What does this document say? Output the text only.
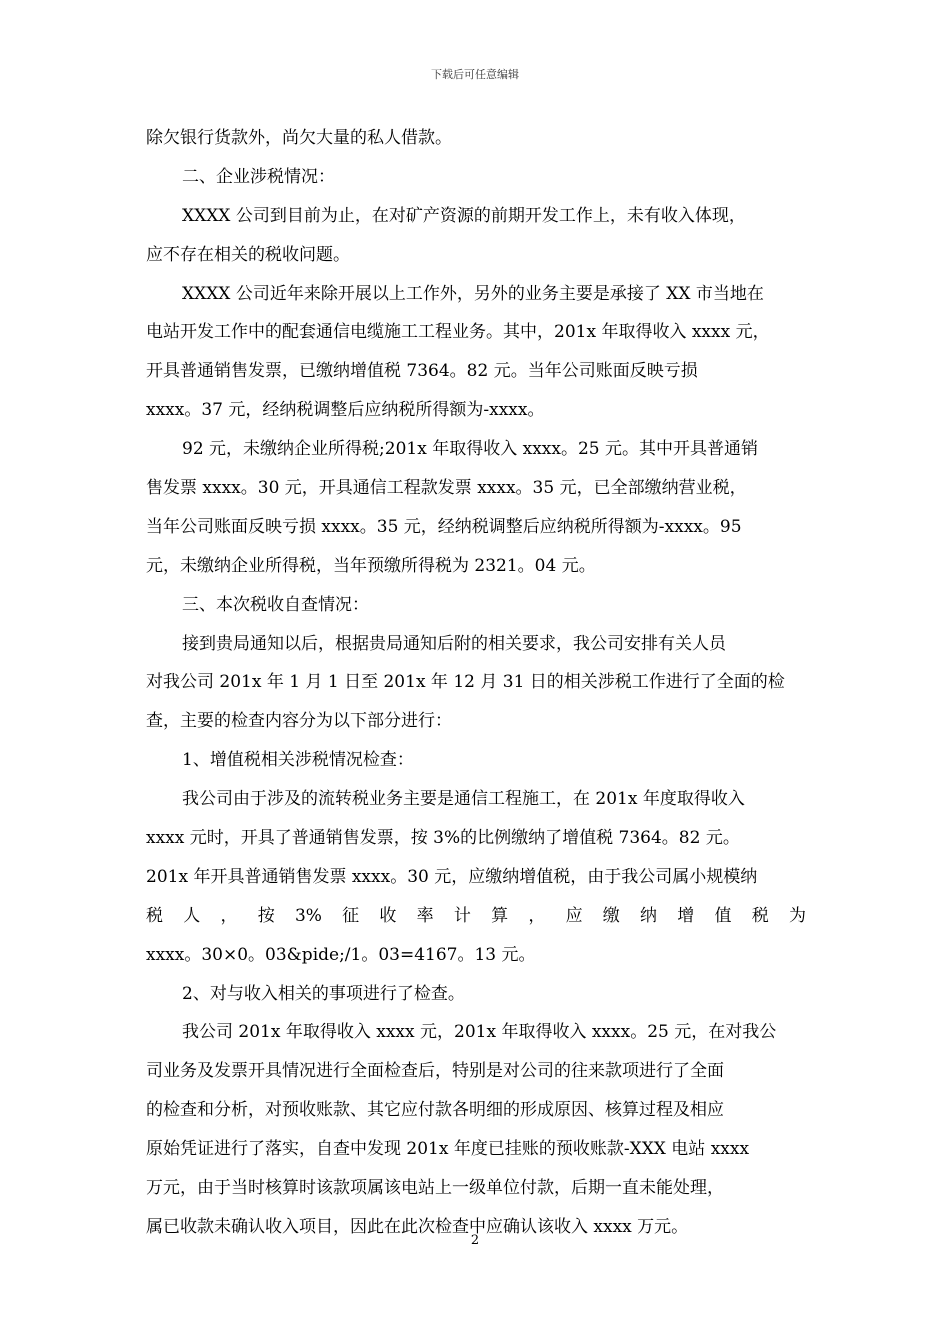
下载后可任意编辑

除欠银行货款外，尚欠大量的私人借款。

二、企业涉税情况：

XXXX 公司到目前为止，在对矿产资源的前期开发工作上，未有收入体现，

应不存在相关的税收问题。

XXXX 公司近年来除开展以上工作外，另外的业务主要是承接了 XX 市当地在

电站开发工作中的配套通信电缆施工工程业务。其中，201x 年取得收入 xxxx 元，

开具普通销售发票，已缴纳增值税 7364。82 元。当年公司账面反映亏损

xxxx。37 元，经纳税调整后应纳税所得额为-xxxx。

92 元，未缴纳企业所得税;201x 年取得收入 xxxx。25 元。其中开具普通销

售发票 xxxx。30 元，开具通信工程款发票 xxxx。35 元，已全部缴纳营业税，

当年公司账面反映亏损 xxxx。35 元，经纳税调整后应纳税所得额为-xxxx。95

元，未缴纳企业所得税，当年预缴所得税为 2321。04 元。

三、本次税收自查情况：

接到贵局通知以后，根据贵局通知后附的相关要求，我公司安排有关人员

对我公司 201x 年 1 月 1 日至 201x 年 12 月 31 日的相关涉税工作进行了全面的检

查，主要的检查内容分为以下部分进行：

1、增值税相关涉税情况检查：

我公司由于涉及的流转税业务主要是通信工程施工，在 201x 年度取得收入

xxxx 元时，开具了普通销售发票，按 3%的比例缴纳了增值税 7364。82 元。

201x 年开具普通销售发票 xxxx。30 元，应缴纳增值税，由于我公司属小规模纳

税 人 ， 按 3% 征 收 率 计 算 ， 应 缴 纳 增 值 税 为

xxxx。30×0。03&pide;/1。03=4167。13 元。

2、对与收入相关的事项进行了检查。

我公司 201x 年取得收入 xxxx 元，201x 年取得收入 xxxx。25 元，在对我公

司业务及发票开具情况进行全面检查后，特别是对公司的往来款项进行了全面

的检查和分析，对预收账款、其它应付款各明细的形成原因、核算过程及相应

原始凭证进行了落实，自查中发现 201x 年度已挂账的预收账款-XXX 电站 xxxx

万元，由于当时核算时该款项属该电站上一级单位付款，后期一直未能处理，

属已收款未确认收入项目，因此在此次检查中应确认该收入 xxxx 万元。

2
